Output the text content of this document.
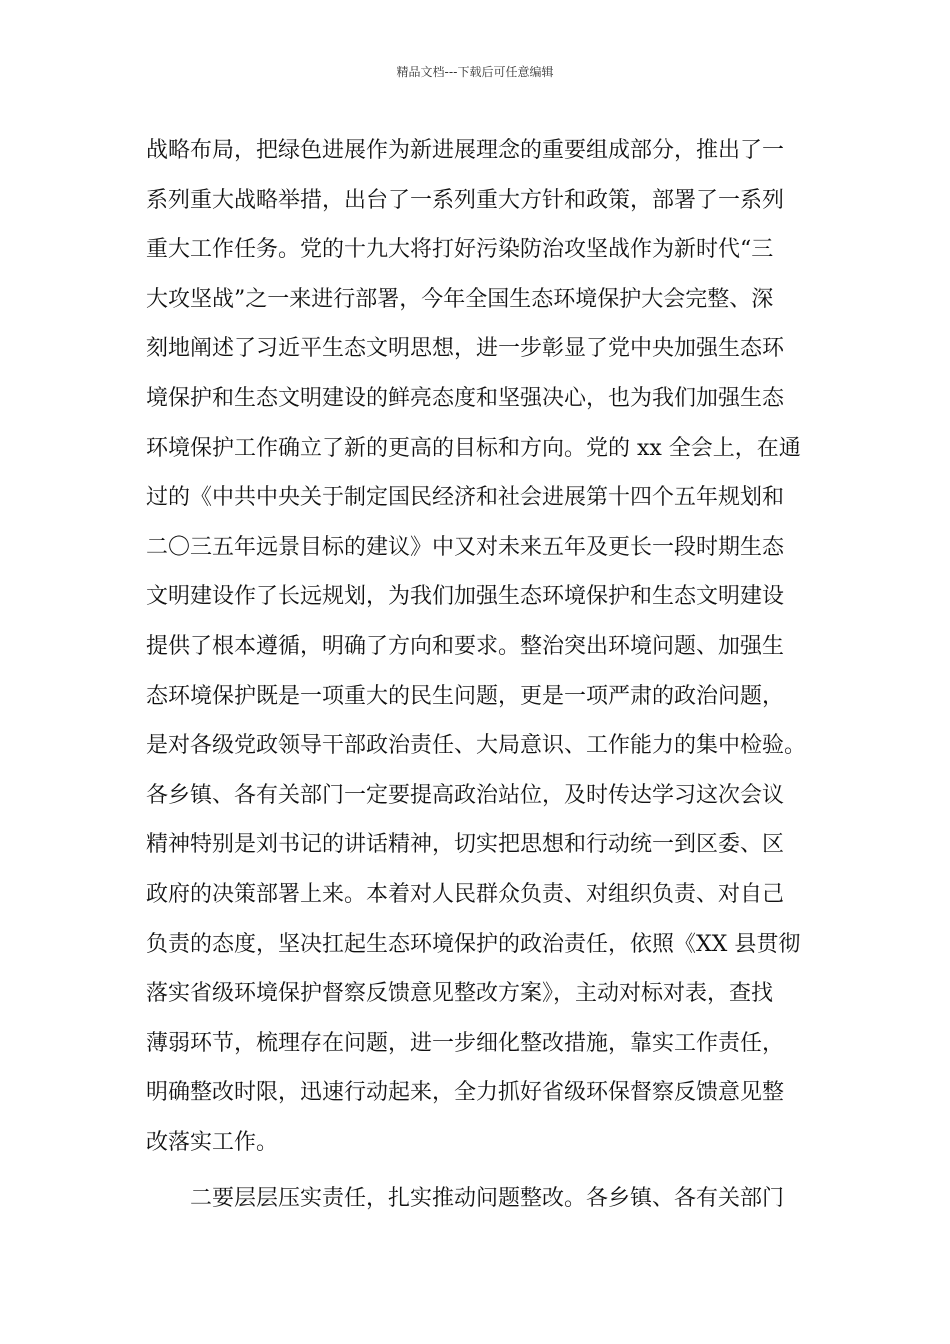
精品文档---下载后可任意编辑
战略布局，把绿色进展作为新进展理念的重要组成部分，推出了一
系列重大战略举措，出台了一系列重大方针和政策，部署了一系列
重大工作任务。党的十九大将打好污染防治攻坚战作为新时代“三
大攻坚战”之一来进行部署，今年全国生态环境保护大会完整、深
刻地阐述了习近平生态文明思想，进一步彰显了党中央加强生态环
境保护和生态文明建设的鲜亮态度和坚强决心，也为我们加强生态
环境保护工作确立了新的更高的目标和方向。党的 xx 全会上，在通
过的《中共中央关于制定国民经济和社会进展第十四个五年规划和
二〇三五年远景目标的建议》中又对未来五年及更长一段时期生态
文明建设作了长远规划，为我们加强生态环境保护和生态文明建设
提供了根本遵循，明确了方向和要求。整治突出环境问题、加强生
态环境保护既是一项重大的民生问题，更是一项严肃的政治问题，
是对各级党政领导干部政治责任、大局意识、工作能力的集中检验。
各乡镇、各有关部门一定要提高政治站位，及时传达学习这次会议
精神特别是刘书记的讲话精神，切实把思想和行动统一到区委、区
政府的决策部署上来。本着对人民群众负责、对组织负责、对自己
负责的态度，坚决扛起生态环境保护的政治责任，依照《XX 县贯彻
落实省级环境保护督察反馈意见整改方案》，主动对标对表，查找
薄弱环节，梳理存在问题，进一步细化整改措施，靠实工作责任，
明确整改时限，迅速行动起来，全力抓好省级环保督察反馈意见整
改落实工作。
二要层层压实责任，扎实推动问题整改。各乡镇、各有关部门
